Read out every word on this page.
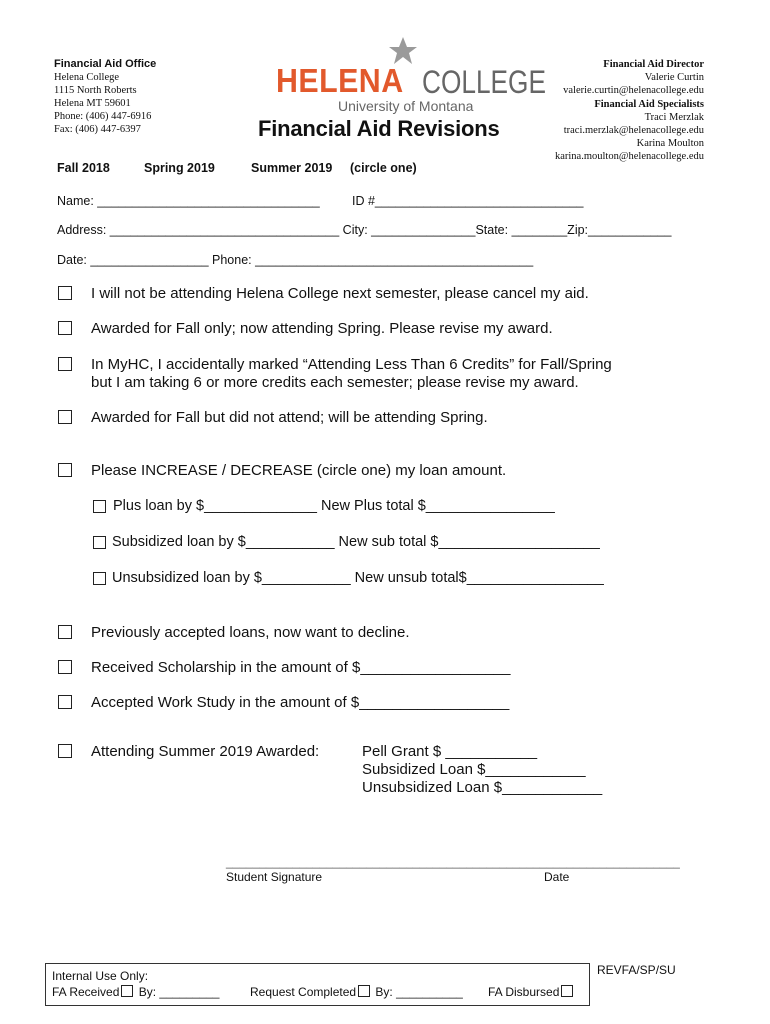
Financial Aid Office
Helena College
1115 North Roberts
Helena MT 59601
Phone: (406) 447-6916
Fax: (406) 447-6397
HELENA COLLEGE
University of Montana
Financial Aid Revisions
Financial Aid Director
Valerie Curtin
valerie.curtin@helenacollege.edu
Financial Aid Specialists
Traci Merzlak
traci.merzlak@helenacollege.edu
Karina Moulton
karina.moulton@helenacollege.edu
Fall 2018	Spring 2019	Summer 2019 (circle one)
Name: ________________________________	ID #______________________________
Address: _________________________________ City: _______________State: ________Zip:____________
Date: _________________ Phone: ________________________________________
I will not be attending Helena College next semester, please cancel my aid.
Awarded for Fall only; now attending Spring. Please revise my award.
In MyHC, I accidentally marked “Attending Less Than 6 Credits” for Fall/Spring
but I am taking 6 or more credits each semester; please revise my award.
Awarded for Fall but did not attend; will be attending Spring.
Please INCREASE / DECREASE (circle one) my loan amount.
Plus loan by $______________ New Plus total $________________
Subsidized loan by $___________ New sub total $____________________
Unsubsidized loan by $___________ New unsub total$_________________
Previously accepted loans, now want to decline.
Received Scholarship in the amount of $__________________
Accepted Work Study in the amount of $__________________
Attending Summer 2019 Awarded:	Pell Grant $ ___________
Subsidized Loan $____________
Unsubsidized Loan $____________
____________________________________________________________________
Student Signature	Date
Internal Use Only:
FA Received By: _________	Request Completed By: __________ FA Disbursed
REVFA/SP/SU
